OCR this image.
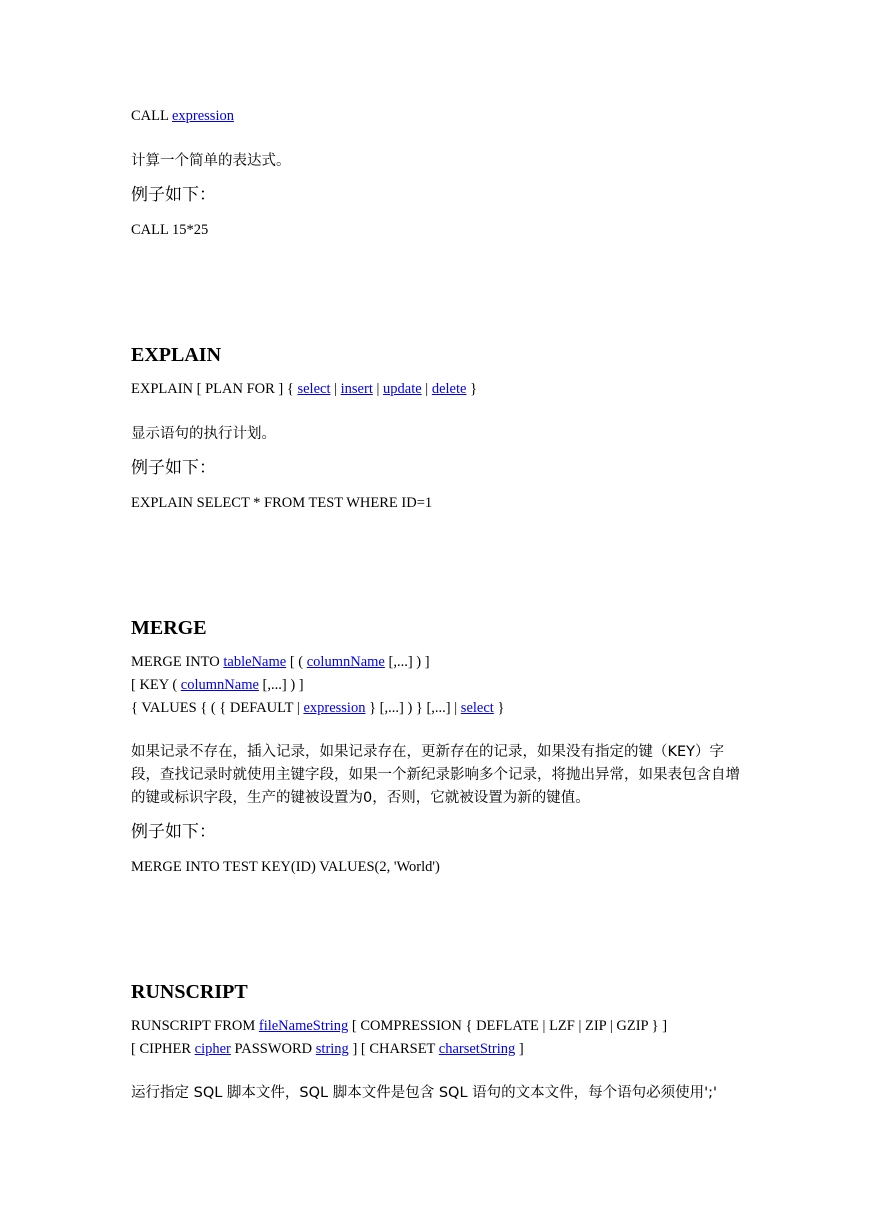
CALL expression
计算一个简单的表达式。
例子如下：
CALL 15*25
EXPLAIN
EXPLAIN [ PLAN FOR ] { select | insert | update | delete }
显示语句的执行计划。
例子如下：
EXPLAIN SELECT * FROM TEST WHERE ID=1
MERGE
MERGE INTO tableName [ ( columnName [,...] ) ]
[ KEY ( columnName [,...] ) ]
{ VALUES { ( { DEFAULT | expression } [,...] ) } [,...] | select }
如果记录不存在，插入记录，如果记录存在，更新存在的记录，如果没有指定的键（KEY）字段，查找记录时就使用主键字段，如果一个新纪录影响多个记录，将抛出异常，如果表包含自增的键或标识字段，生产的键被设置为0，否则，它就被设置为新的键值。
例子如下：
MERGE INTO TEST KEY(ID) VALUES(2, 'World')
RUNSCRIPT
RUNSCRIPT FROM fileNameString [ COMPRESSION { DEFLATE | LZF | ZIP | GZIP } ]
[ CIPHER cipher PASSWORD string ] [ CHARSET charsetString ]
运行指定 SQL 脚本文件，SQL 脚本文件是包含 SQL 语句的文本文件，每个语句必须使用';'
